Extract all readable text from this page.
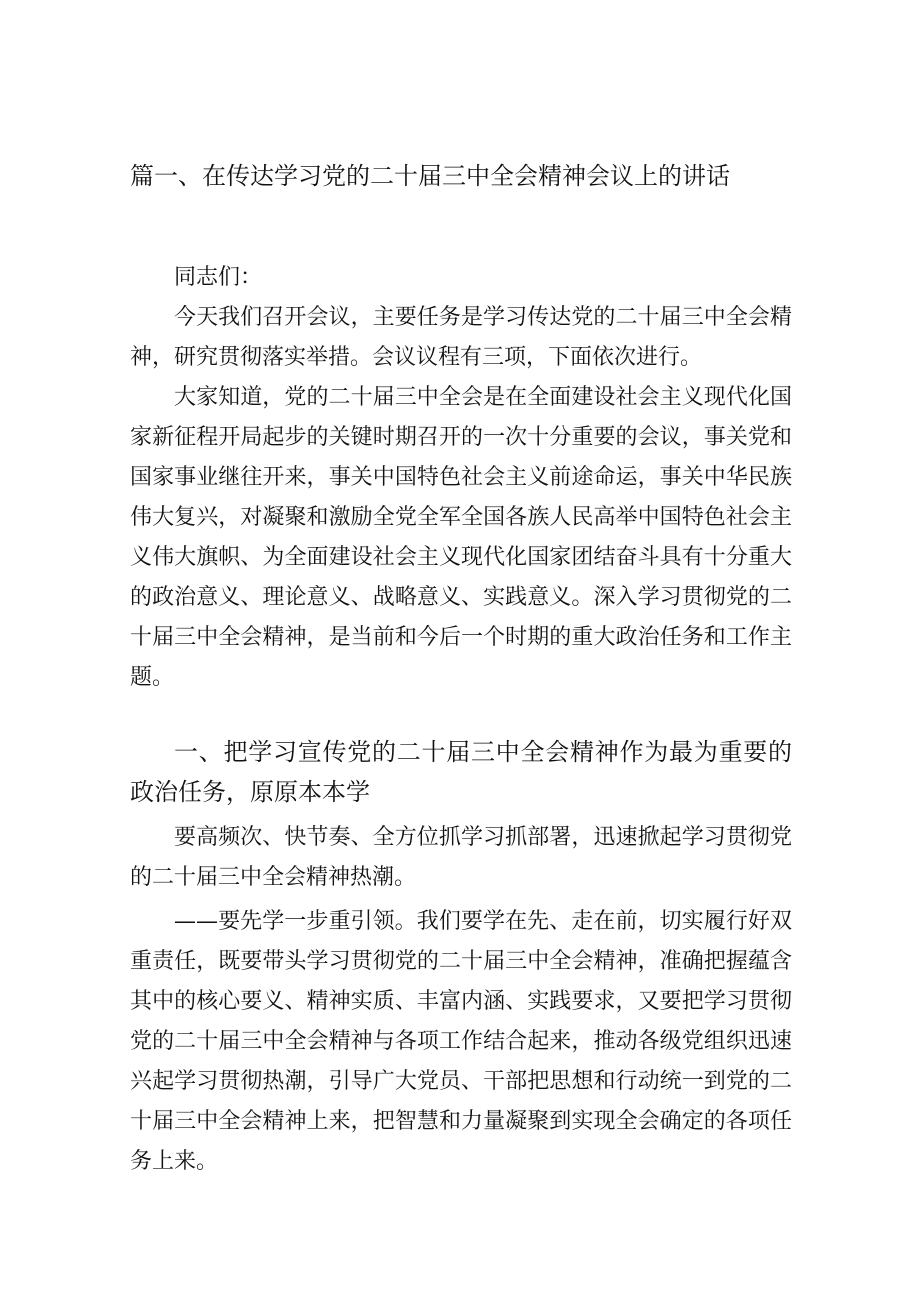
篇一、在传达学习党的二十届三中全会精神会议上的讲话
同志们：

今天我们召开会议，主要任务是学习传达党的二十届三中全会精神，研究贯彻落实举措。会议议程有三项，下面依次进行。

大家知道，党的二十届三中全会是在全面建设社会主义现代化国家新征程开局起步的关键时期召开的一次十分重要的会议，事关党和国家事业继往开来，事关中国特色社会主义前途命运，事关中华民族伟大复兴，对凝聚和激励全党全军全国各族人民高举中国特色社会主义伟大旗帜、为全面建设社会主义现代化国家团结奋斗具有十分重大的政治意义、理论意义、战略意义、实践意义。深入学习贯彻党的二十届三中全会精神，是当前和今后一个时期的重大政治任务和工作主题。

一、把学习宣传党的二十届三中全会精神作为最为重要的政治任务，原原本本学

要高频次、快节奏、全方位抓学习抓部署，迅速掀起学习贯彻党的二十届三中全会精神热潮。

——要先学一步重引领。我们要学在先、走在前，切实履行好双重责任，既要带头学习贯彻党的二十届三中全会精神，准确把握蕴含其中的核心要义、精神实质、丰富内涵、实践要求，又要把学习贯彻党的二十届三中全会精神与各项工作结合起来，推动各级党组织迅速兴起学习贯彻热潮，引导广大党员、干部把思想和行动统一到党的二十届三中全会精神上来，把智慧和力量凝聚到实现全会确定的各项任务上来。
